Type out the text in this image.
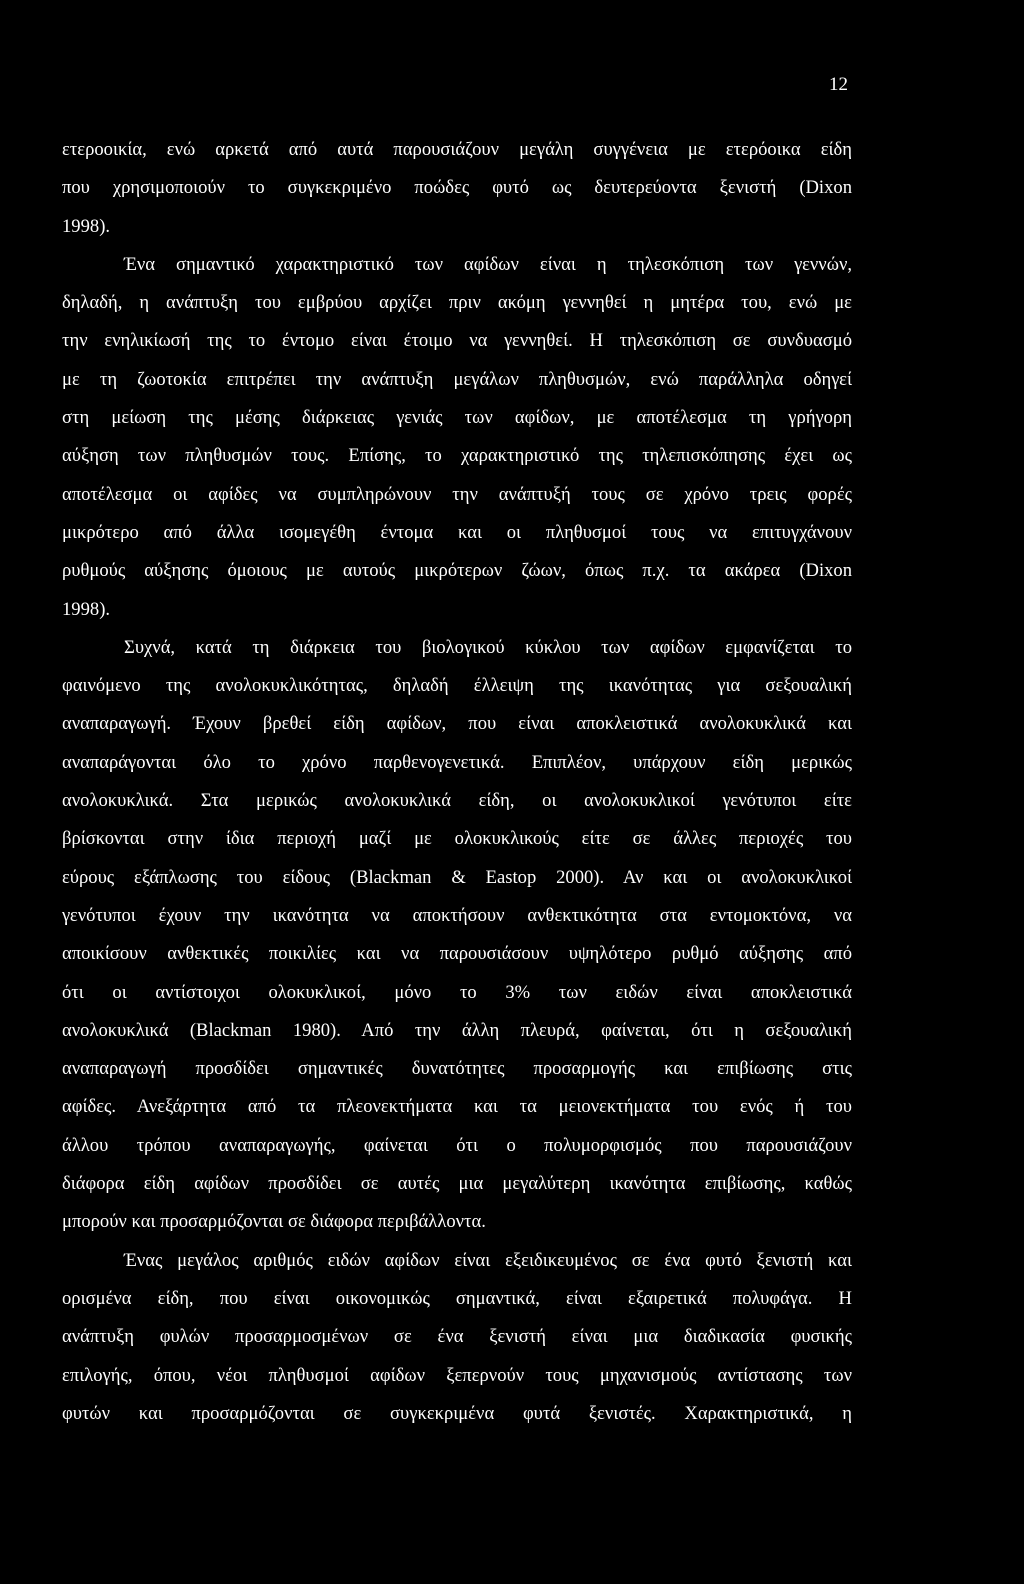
12
ετεροοικία, ενώ αρκετά από αυτά παρουσιάζουν μεγάλη συγγένεια με ετερόοικα είδη
που χρησιμοποιούν το συγκεκριμένο ποώδες φυτό ως δευτερεύοντα ξενιστή (Dixon
1998).
Ένα σημαντικό χαρακτηριστικό των αφίδων είναι η τηλεσκόπιση των γεννών,
δηλαδή, η ανάπτυξη του εμβρύου αρχίζει πριν ακόμη γεννηθεί η μητέρα του, ενώ με
την ενηλικίωσή της το έντομο είναι έτοιμο να γεννηθεί. Η τηλεσκόπιση σε συνδυασμό
με τη ζωοτοκία επιτρέπει την ανάπτυξη μεγάλων πληθυσμών, ενώ παράλληλα οδηγεί
στη μείωση της μέσης διάρκειας γενιάς των αφίδων, με αποτέλεσμα τη γρήγορη
αύξηση των πληθυσμών τους. Επίσης, το χαρακτηριστικό της τηλεπισκόπησης έχει ως
αποτέλεσμα οι αφίδες να συμπληρώνουν την ανάπτυξή τους σε χρόνο τρεις φορές
μικρότερο από άλλα ισομεγέθη έντομα και οι πληθυσμοί τους να επιτυγχάνουν
ρυθμούς αύξησης όμοιους με αυτούς μικρότερων ζώων, όπως π.χ. τα ακάρεα (Dixon
1998).
Συχνά, κατά τη διάρκεια του βιολογικού κύκλου των αφίδων εμφανίζεται το
φαινόμενο της ανολοκυκλικότητας, δηλαδή έλλειψη της ικανότητας για σεξουαλική
αναπαραγωγή. Έχουν βρεθεί είδη αφίδων, που είναι αποκλειστικά ανολοκυκλικά και
αναπαράγονται όλο το χρόνο παρθενογενετικά. Επιπλέον, υπάρχουν είδη μερικώς
ανολοκυκλικά. Στα μερικώς ανολοκυκλικά είδη, οι ανολοκυκλικοί γενότυποι είτε
βρίσκονται στην ίδια περιοχή μαζί με ολοκυκλικούς είτε σε άλλες περιοχές του
εύρους εξάπλωσης του είδους (Blackman & Eastop 2000). Αν και οι ανολοκυκλικοί
γενότυποι έχουν την ικανότητα να αποκτήσουν ανθεκτικότητα στα εντομοκτόνα, να
αποικίσουν ανθεκτικές ποικιλίες και να παρουσιάσουν υψηλότερο ρυθμό αύξησης από
ότι οι αντίστοιχοι ολοκυκλικοί, μόνο το 3% των ειδών είναι αποκλειστικά
ανολοκυκλικά (Blackman 1980). Από την άλλη πλευρά, φαίνεται, ότι η σεξουαλική
αναπαραγωγή προσδίδει σημαντικές δυνατότητες προσαρμογής και επιβίωσης στις
αφίδες. Ανεξάρτητα από τα πλεονεκτήματα και τα μειονεκτήματα του ενός ή του
άλλου τρόπου αναπαραγωγής, φαίνεται ότι ο πολυμορφισμός που παρουσιάζουν
διάφορα είδη αφίδων προσδίδει σε αυτές μια μεγαλύτερη ικανότητα επιβίωσης, καθώς
μπορούν και προσαρμόζονται σε διάφορα περιβάλλοντα.
Ένας μεγάλος αριθμός ειδών αφίδων είναι εξειδικευμένος σε ένα φυτό ξενιστή και
ορισμένα είδη, που είναι οικονομικώς σημαντικά, είναι εξαιρετικά πολυφάγα. Η
ανάπτυξη φυλών προσαρμοσμένων σε ένα ξενιστή είναι μια διαδικασία φυσικής
επιλογής, όπου, νέοι πληθυσμοί αφίδων ξεπερνούν τους μηχανισμούς αντίστασης των
φυτών και προσαρμόζονται σε συγκεκριμένα φυτά ξενιστές. Χαρακτηριστικά, η
